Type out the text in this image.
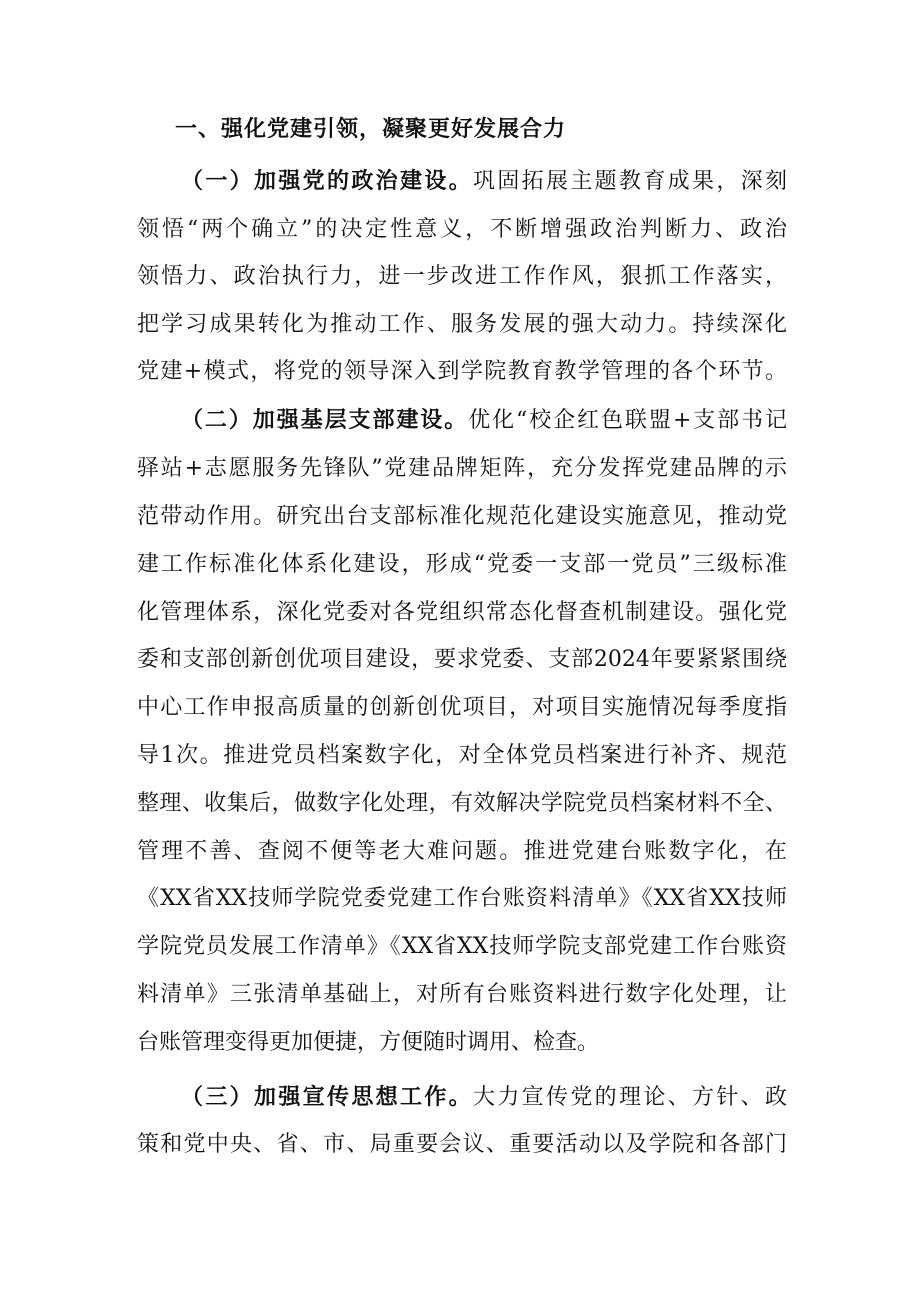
一、强化党建引领，凝聚更好发展合力
（一）加强党的政治建设。巩固拓展主题教育成果，深刻
领悟“两个确立”的决定性意义，不断增强政治判断力、政治
领悟力、政治执行力，进一步改进工作作风，狠抓工作落实，
把学习成果转化为推动工作、服务发展的强大动力。持续深化
党建+模式，将党的领导深入到学院教育教学管理的各个环节。
（二）加强基层支部建设。优化“校企红色联盟+支部书记
驿站+志愿服务先锋队”党建品牌矩阵，充分发挥党建品牌的示
范带动作用。研究出台支部标准化规范化建设实施意见，推动党
建工作标准化体系化建设，形成“党委一支部一党员”三级标准
化管理体系，深化党委对各党组织常态化督查机制建设。强化党
委和支部创新创优项目建设，要求党委、支部2024年要紧紧围绕
中心工作申报高质量的创新创优项目，对项目实施情况每季度指
导1次。推进党员档案数字化，对全体党员档案进行补齐、规范
整理、收集后，做数字化处理，有效解决学院党员档案材料不全、
管理不善、查阅不便等老大难问题。推进党建台账数字化，在
《XX省XX技师学院党委党建工作台账资料清单》《XX省XX技师
学院党员发展工作清单》《XX省XX技师学院支部党建工作台账资
料清单》三张清单基础上，对所有台账资料进行数字化处理，让
台账管理变得更加便捷，方便随时调用、检查。
（三）加强宣传思想工作。大力宣传党的理论、方针、政
策和党中央、省、市、局重要会议、重要活动以及学院和各部门
